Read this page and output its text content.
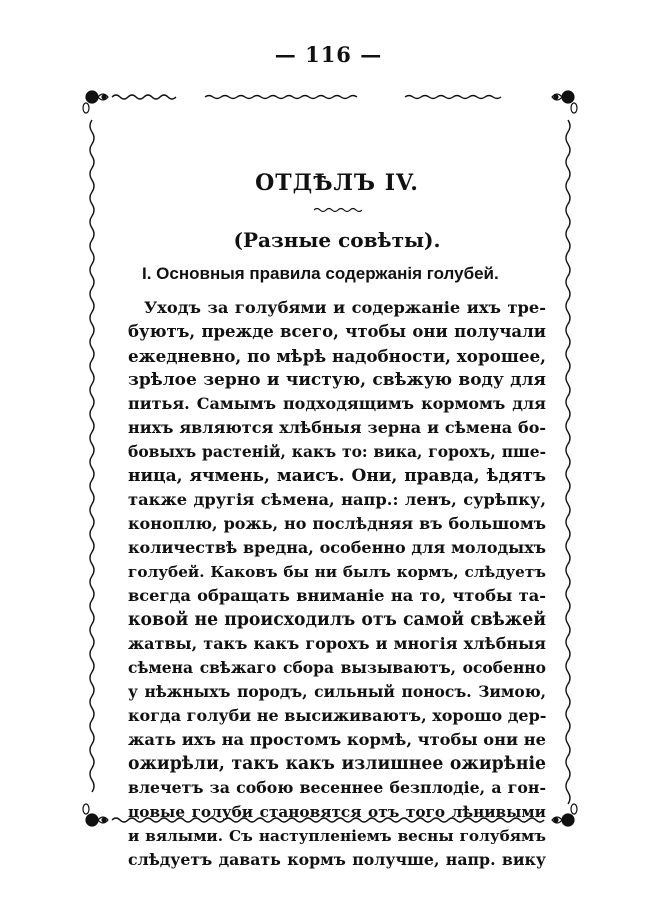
— 116 —
ОТДѢЛЪ IV.
(Разные совѣты).
I. Основныя правила содержанія голубей.
Уходъ за голубями и содержаніе ихъ тре-
буютъ, прежде всего, чтобы они получали
ежедневно, по мѣрѣ надобности, хорошее,
зрѣлое зерно и чистую, свѣжую воду для
питья. Самымъ подходящимъ кормомъ для
нихъ являются хлѣбныя зерна и сѣмена бо-
бовыхъ растеній, какъ то: вика, горохъ, пше-
ница, ячмень, маисъ. Они, правда, ѣдятъ
также другія сѣмена, напр.: ленъ, сурѣпку,
коноплю, рожь, но послѣдняя въ большомъ
количествѣ вредна, особенно для молодыхъ
голубей. Каковъ бы ни былъ кормъ, слѣдуетъ
всегда обращать вниманіе на то, чтобы та-
ковой не происходилъ отъ самой свѣжей
жатвы, такъ какъ горохъ и многія хлѣбныя
сѣмена свѣжаго сбора вызываютъ, особенно
у нѣжныхъ породъ, сильный поносъ. Зимою,
когда голуби не высиживаютъ, хорошо дер-
жать ихъ на простомъ кормѣ, чтобы они не
ожирѣли, такъ какъ излишнее ожирѣніе
влечетъ за собою весеннее безплодіе, а гон-
цовые голуби становятся отъ того лѣнивыми
и вялыми. Съ наступленіемъ весны голубямъ
слѣдуетъ давать кормъ получше, напр. вику
